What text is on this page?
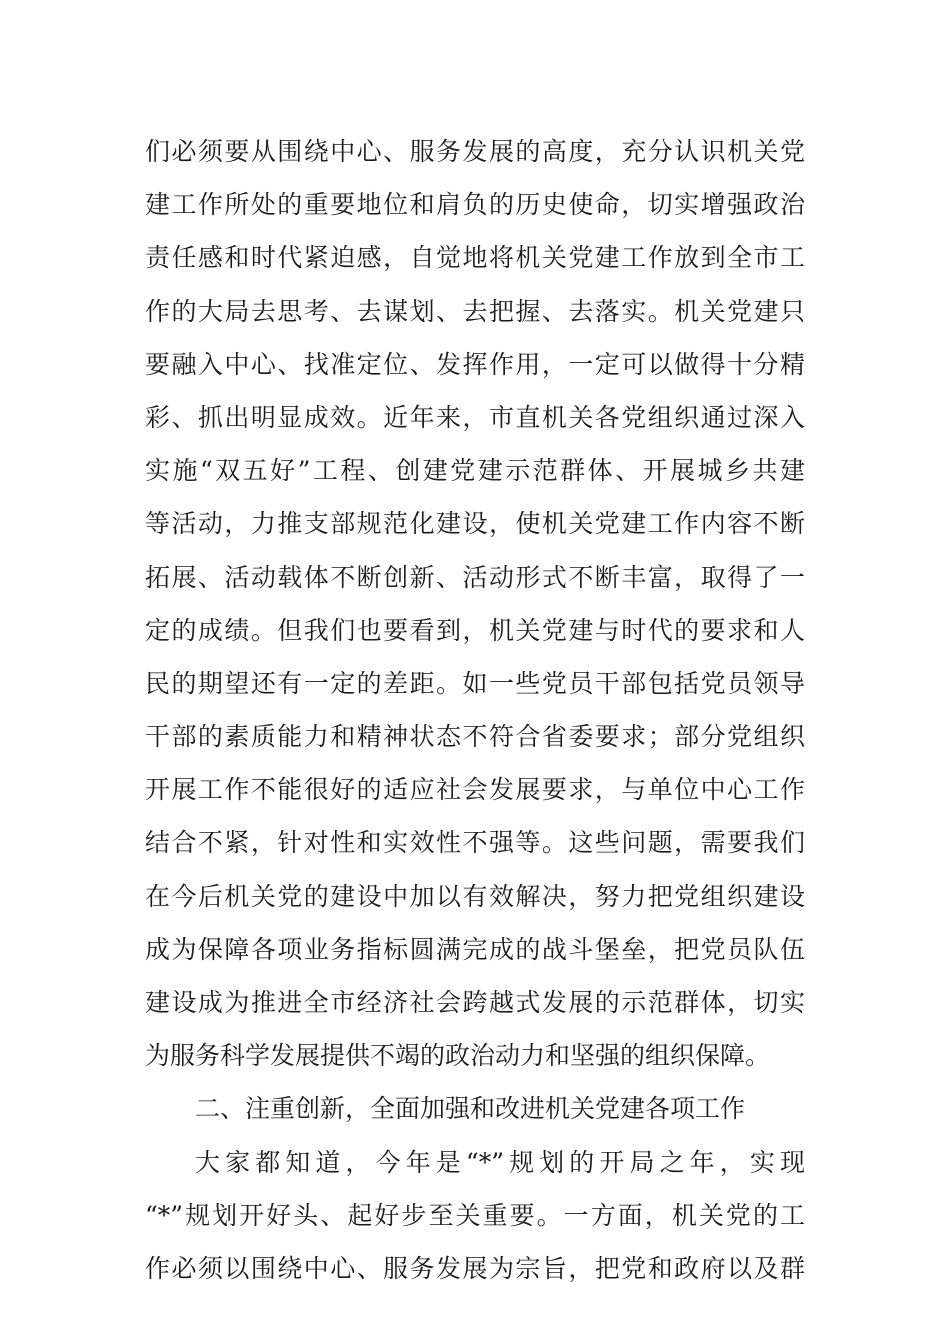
们必须要从围绕中心、服务发展的高度，充分认识机关党
建工作所处的重要地位和肩负的历史使命，切实增强政治
责任感和时代紧迫感，自觉地将机关党建工作放到全市工
作的大局去思考、去谋划、去把握、去落实。机关党建只
要融入中心、找准定位、发挥作用，一定可以做得十分精
彩、抓出明显成效。近年来，市直机关各党组织通过深入
实施“双五好”工程、创建党建示范群体、开展城乡共建
等活动，力推支部规范化建设，使机关党建工作内容不断
拓展、活动载体不断创新、活动形式不断丰富，取得了一
定的成绩。但我们也要看到，机关党建与时代的要求和人
民的期望还有一定的差距。如一些党员干部包括党员领导
干部的素质能力和精神状态不符合省委要求；部分党组织
开展工作不能很好的适应社会发展要求，与单位中心工作
结合不紧，针对性和实效性不强等。这些问题，需要我们
在今后机关党的建设中加以有效解决，努力把党组织建设
成为保障各项业务指标圆满完成的战斗堡垒，把党员队伍
建设成为推进全市经济社会跨越式发展的示范群体，切实
为服务科学发展提供不竭的政治动力和坚强的组织保障。
二、注重创新，全面加强和改进机关党建各项工作
大家都知道，今年是“*”规划的开局之年，实现
“*”规划开好头、起好步至关重要。一方面，机关党的工
作必须以围绕中心、服务发展为宗旨，把党和政府以及群
